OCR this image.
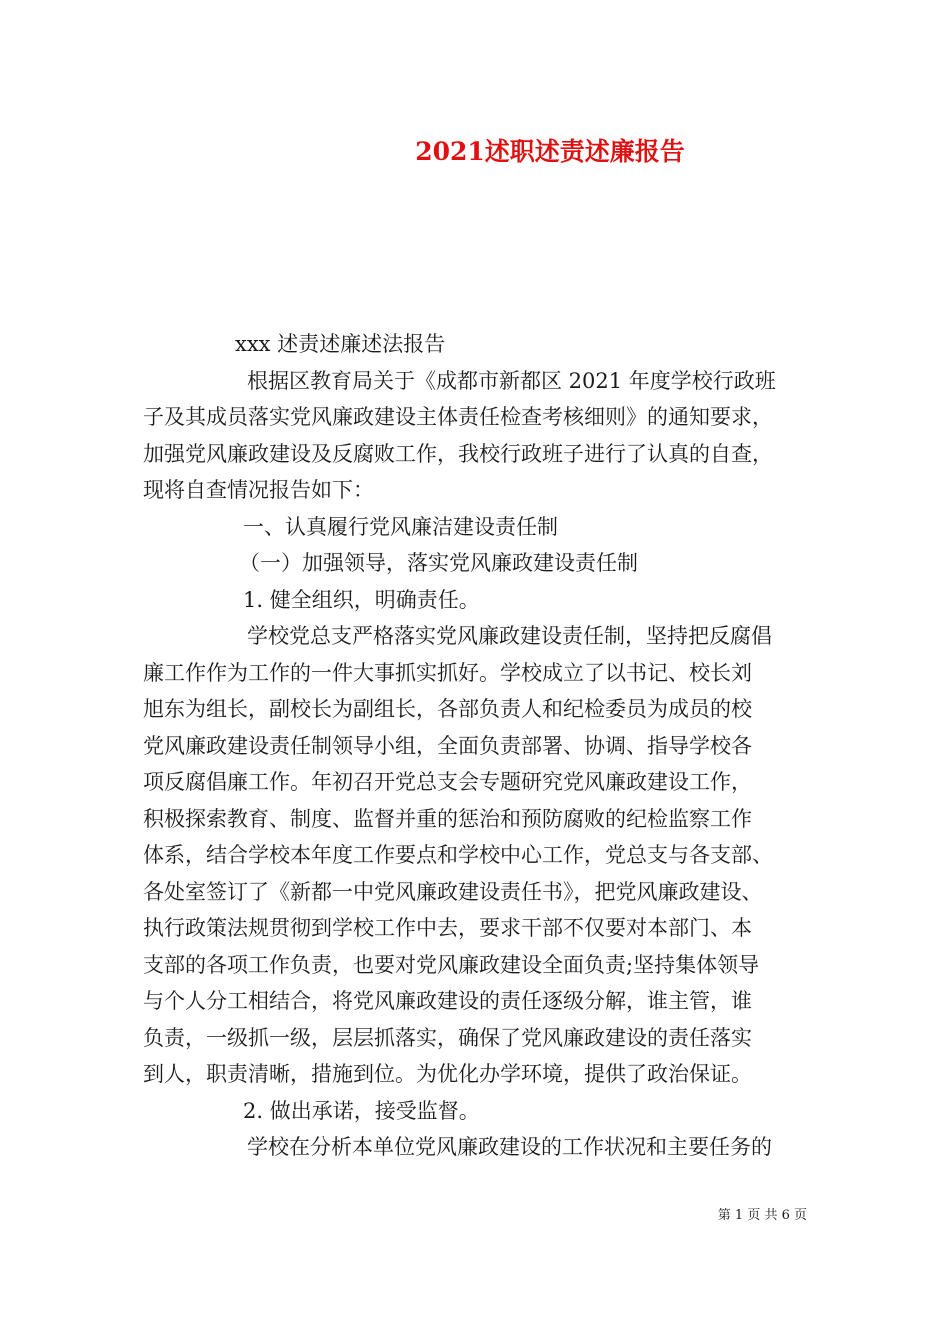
2021述职述责述廉报告
xxx 述责述廉述法报告
根据区教育局关于《成都市新都区 2021 年度学校行政班
子及其成员落实党风廉政建设主体责任检查考核细则》的通知要求，
加强党风廉政建设及反腐败工作，我校行政班子进行了认真的自查，
现将自查情况报告如下：
一、认真履行党风廉洁建设责任制
（一）加强领导，落实党风廉政建设责任制
1. 健全组织，明确责任。
学校党总支严格落实党风廉政建设责任制，坚持把反腐倡
廉工作作为工作的一件大事抓实抓好。学校成立了以书记、校长刘
旭东为组长，副校长为副组长，各部负责人和纪检委员为成员的校
党风廉政建设责任制领导小组，全面负责部署、协调、指导学校各
项反腐倡廉工作。年初召开党总支会专题研究党风廉政建设工作，
积极探索教育、制度、监督并重的惩治和预防腐败的纪检监察工作
体系，结合学校本年度工作要点和学校中心工作，党总支与各支部、
各处室签订了《新都一中党风廉政建设责任书》，把党风廉政建设、
执行政策法规贯彻到学校工作中去，要求干部不仅要对本部门、本
支部的各项工作负责，也要对党风廉政建设全面负责;坚持集体领导
与个人分工相结合，将党风廉政建设的责任逐级分解，谁主管，谁
负责，一级抓一级，层层抓落实，确保了党风廉政建设的责任落实
到人，职责清晰，措施到位。为优化办学环境，提供了政治保证。
2. 做出承诺，接受监督。
学校在分析本单位党风廉政建设的工作状况和主要任务的
第 1 页 共 6 页
